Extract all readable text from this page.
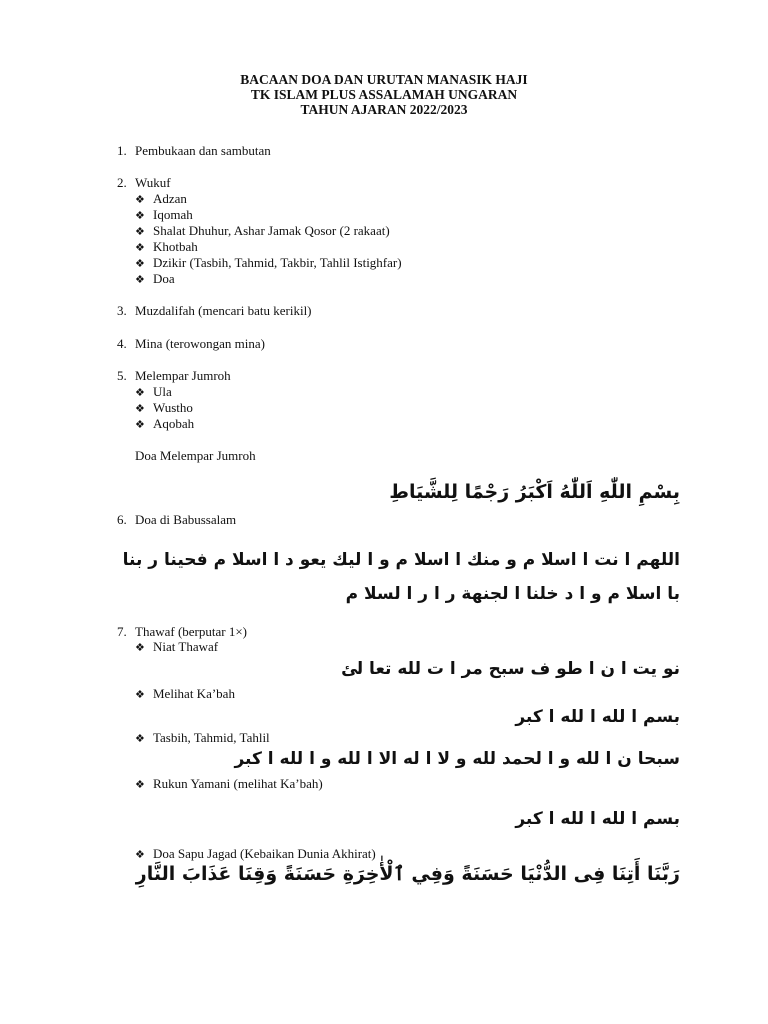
BACAAN DOA DAN URUTAN MANASIK HAJI
TK ISLAM PLUS ASSALAMAH UNGARAN
TAHUN AJARAN 2022/2023
1. Pembukaan dan sambutan
2. Wukuf
❖ Adzan
❖ Iqomah
❖ Shalat Dhuhur, Ashar Jamak Qosor (2 rakaat)
❖ Khotbah
❖ Dzikir (Tasbih, Tahmid, Takbir, Tahlil Istighfar)
❖ Doa
3. Muzdalifah (mencari batu kerikil)
4. Mina (terowongan mina)
5. Melempar Jumroh
❖ Ula
❖ Wustho
❖ Aqobah
Doa Melempar Jumroh
بِسْمِ اللّٰهِ اَللّٰهُ اَكْبَرُ رَجْمًا لِلشَّيَاطِ
6. Doa di Babussalam
اللهم ا نت ا اسلا م و منك ا اسلا م و ا ليك يعو د ا اسلا م فحينا ر بنا
با اسلا م و ا د خلنا ا لجنهة ر ا ر ا لسلا م
7. Thawaf (berputar 1×)
❖ Niat Thawaf
نو يت ا ن ا طو ف سبح مر ا ت لله تعا لئ
❖ Melihat Ka’bah
بسم ا لله ا لله ا كبر
❖ Tasbih, Tahmid, Tahlil
سبحا ن ا لله و ا لحمد لله و لا ا له الا ا لله و ا لله ا كبر
❖ Rukun Yamani (melihat Ka’bah)
بسم ا لله ا لله ا كبر
❖ Doa Sapu Jagad (Kebaikan Dunia Akhirat)
رَبَّنَا أَتِنَا فِى الدُّنْيَا حَسَنَةً وَفِي ٱلْأٰخِرَةِ حَسَنَةً وَقِنَا عَذَابَ النَّارِ
